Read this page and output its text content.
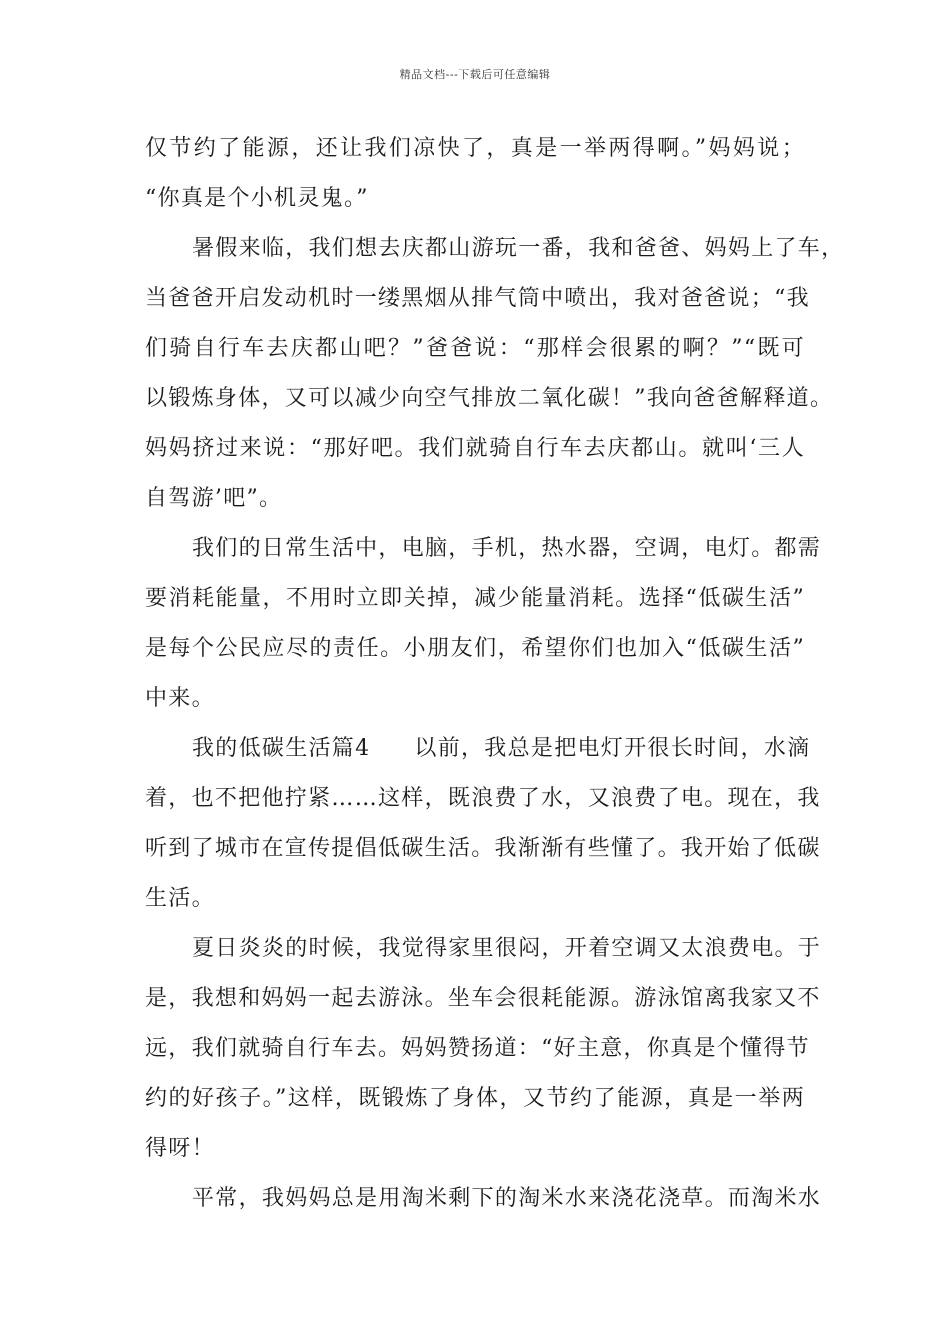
精品文档---下载后可任意编辑
仅节约了能源，还让我们凉快了，真是一举两得啊。”妈妈说；
“你真是个小机灵鬼。”
暑假来临，我们想去庆都山游玩一番，我和爸爸、妈妈上了车，
当爸爸开启发动机时一缕黑烟从排气筒中喷出，我对爸爸说；“我
们骑自行车去庆都山吧？”爸爸说：“那样会很累的啊？”“既可
以锻炼身体，又可以减少向空气排放二氧化碳！”我向爸爸解释道。
妈妈挤过来说：“那好吧。我们就骑自行车去庆都山。就叫‘三人
自驾游’吧”。
我们的日常生活中，电脑，手机，热水器，空调，电灯。都需
要消耗能量，不用时立即关掉，减少能量消耗。选择“低碳生活”
是每个公民应尽的责任。小朋友们，希望你们也加入“低碳生活”
中来。
我的低碳生活篇4 以前，我总是把电灯开很长时间，水滴
着，也不把他拧紧……这样，既浪费了水，又浪费了电。现在，我
听到了城市在宣传提倡低碳生活。我渐渐有些懂了。我开始了低碳
生活。
夏日炎炎的时候，我觉得家里很闷，开着空调又太浪费电。于
是，我想和妈妈一起去游泳。坐车会很耗能源。游泳馆离我家又不
远，我们就骑自行车去。妈妈赞扬道：“好主意，你真是个懂得节
约的好孩子。”这样，既锻炼了身体，又节约了能源，真是一举两
得呀！
平常，我妈妈总是用淘米剩下的淘米水来浇花浇草。而淘米水
